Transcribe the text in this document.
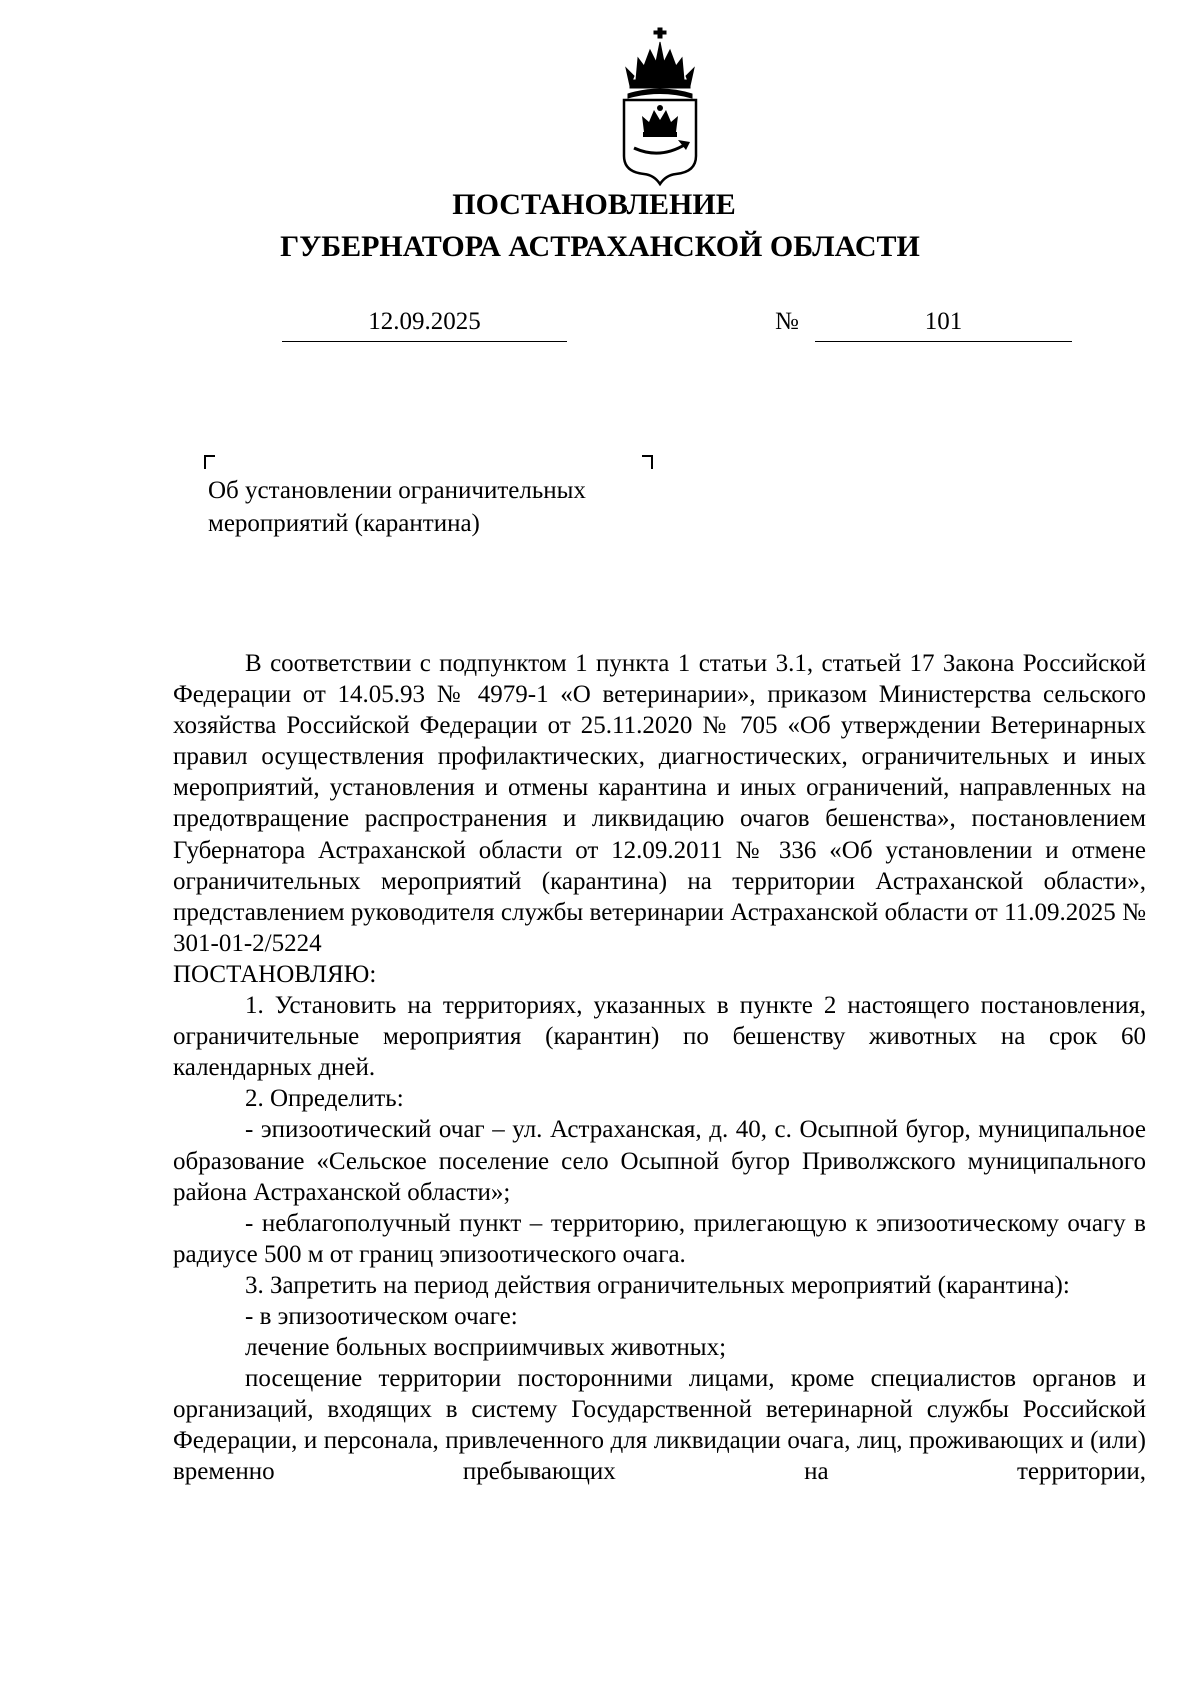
ПОСТАНОВЛЕНИЕ
ГУБЕРНАТОРА АСТРАХАНСКОЙ ОБЛАСТИ
12.09.2025	№	101
Об установлении ограничительных
мероприятий (карантина)

В соответствии с подпунктом 1 пункта 1 статьи 3.1, статьей 17 Закона Российской Федерации от 14.05.93 № 4979-1 «О ветеринарии», приказом Министерства сельского хозяйства Российской Федерации от 25.11.2020 № 705 «Об утверждении Ветеринарных правил осуществления профилактических, диагностических, ограничительных и иных мероприятий, установления и отмены карантина и иных ограничений, направленных на предотвращение распространения и ликвидацию очагов бешенства», постановлением Губернатора Астраханской области от 12.09.2011 № 336 «Об установлении и отмене ограничительных мероприятий (карантина) на территории Астраханской области», представлением руководителя службы ветеринарии Астраханской области от 11.09.2025 № 301-01-2/5224

ПОСТАНОВЛЯЮ:

1. Установить на территориях, указанных в пункте 2 настоящего постановления, ограничительные мероприятия (карантин) по бешенству животных на срок 60 календарных дней.

2. Определить:

- эпизоотический очаг – ул. Астраханская, д. 40, с. Осыпной бугор, муниципальное образование «Сельское поселение село Осыпной бугор Приволжского муниципального района Астраханской области»;

- неблагополучный пункт – территорию, прилегающую к эпизоотическому очагу в радиусе 500 м от границ эпизоотического очага.

3. Запретить на период действия ограничительных мероприятий (карантина):

- в эпизоотическом очаге:

лечение больных восприимчивых животных;

посещение территории посторонними лицами, кроме специалистов органов и организаций, входящих в систему Государственной ветеринарной службы Российской Федерации, и персонала, привлеченного для ликвидации очага, лиц, проживающих и (или) временно пребывающих на территории,
